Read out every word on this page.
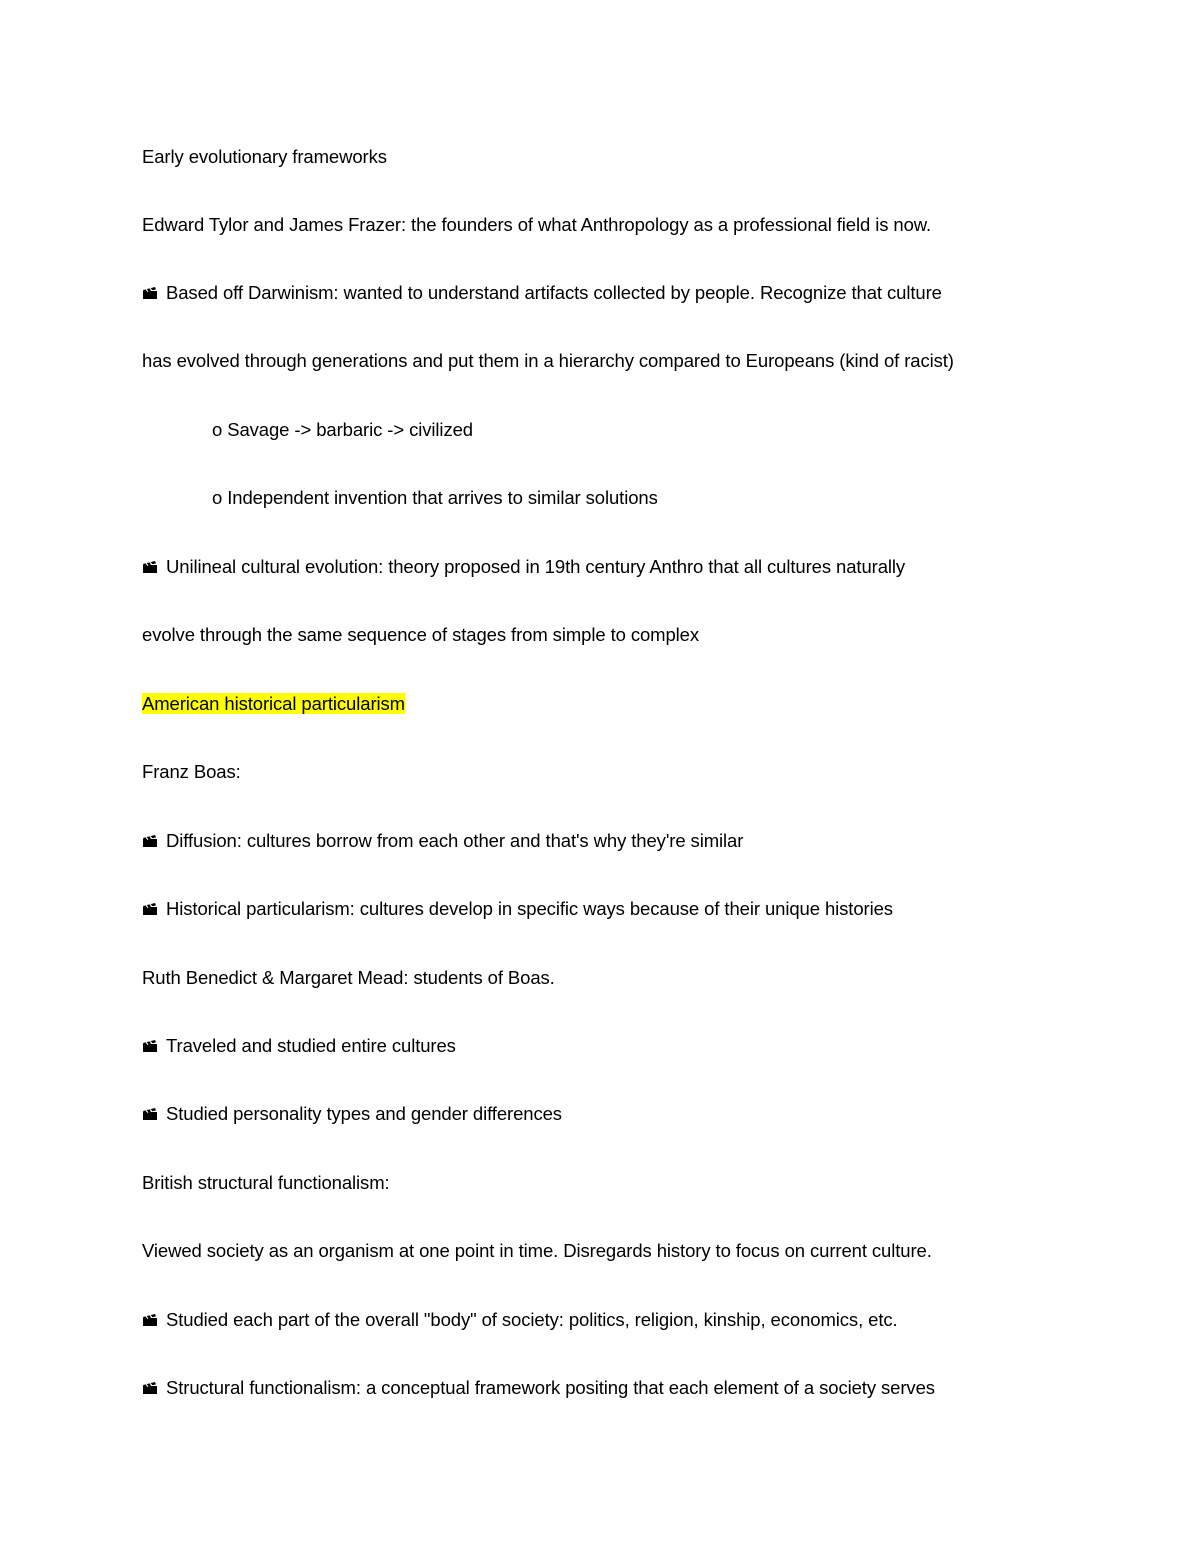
Early evolutionary frameworks
Edward Tylor and James Frazer: the founders of what Anthropology as a professional field is now.
Based off Darwinism: wanted to understand artifacts collected by people. Recognize that culture
has evolved through generations and put them in a hierarchy compared to Europeans (kind of racist)
o Savage -> barbaric -> civilized
o Independent invention that arrives to similar solutions
Unilineal cultural evolution: theory proposed in 19th century Anthro that all cultures naturally
evolve through the same sequence of stages from simple to complex
American historical particularism
Franz Boas:
Diffusion: cultures borrow from each other and that's why they're similar
Historical particularism: cultures develop in specific ways because of their unique histories
Ruth Benedict & Margaret Mead: students of Boas.
Traveled and studied entire cultures
Studied personality types and gender differences
British structural functionalism:
Viewed society as an organism at one point in time. Disregards history to focus on current culture.
Studied each part of the overall "body" of society: politics, religion, kinship, economics, etc.
Structural functionalism: a conceptual framework positing that each element of a society serves
